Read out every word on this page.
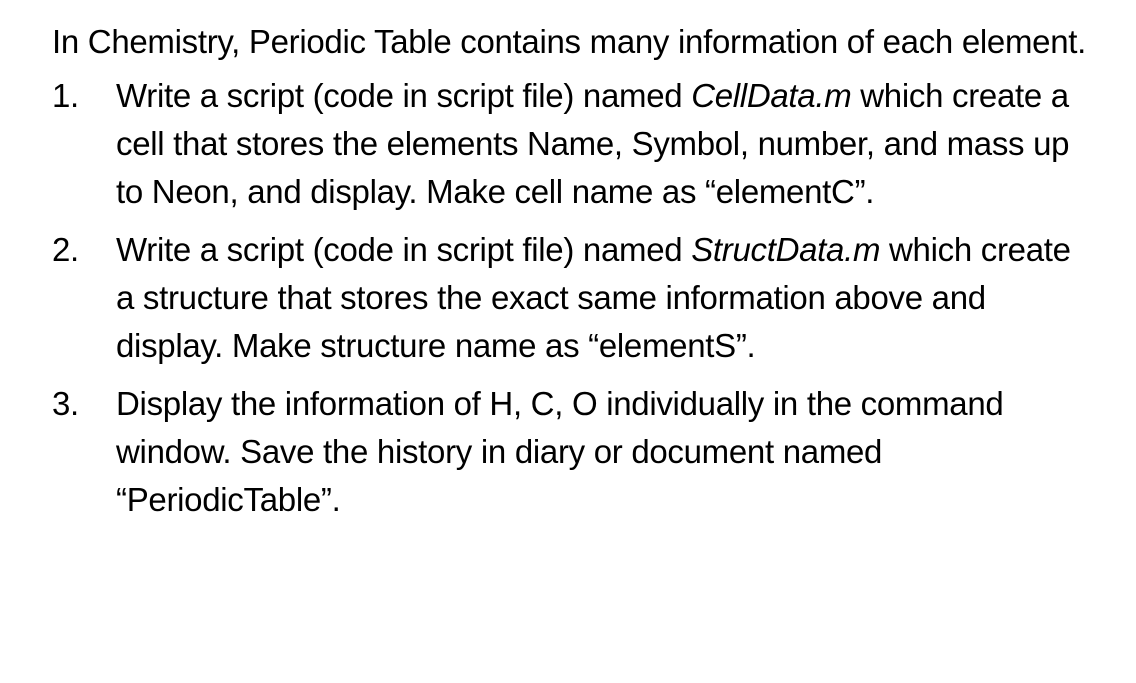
In Chemistry, Periodic Table contains many information of each element.

1.	Write a script (code in script file) named CellData.m which create a cell that stores the elements Name, Symbol, number, and mass up to Neon, and display. Make cell name as “elementC”.
2.	Write a script (code in script file) named StructData.m which create a structure that stores the exact same information above and display. Make structure name as “elementS”.
3.	Display the information of H, C, O individually in the command window. Save the history in diary or document named “PeriodicTable”.
